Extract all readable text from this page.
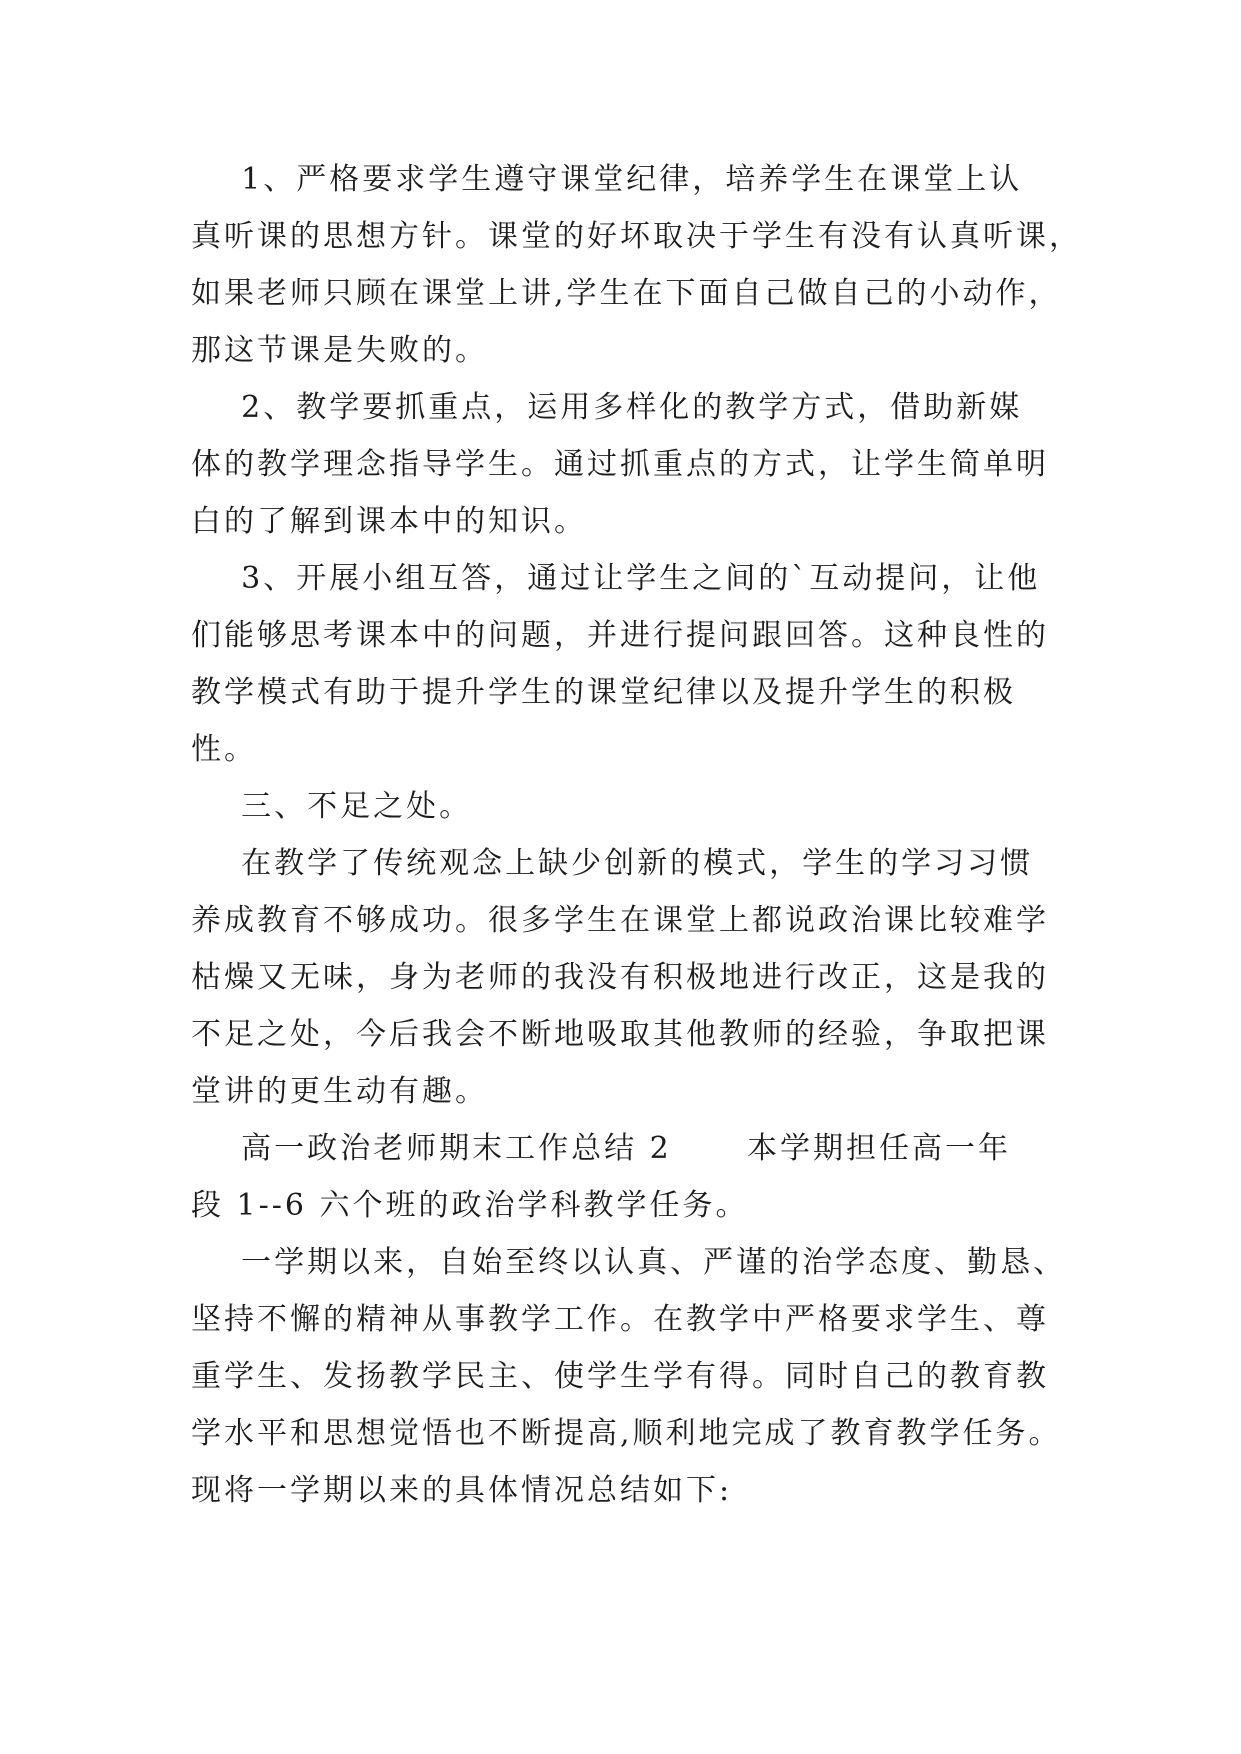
1、严格要求学生遵守课堂纪律，培养学生在课堂上认
真听课的思想方针。课堂的好坏取决于学生有没有认真听课，
如果老师只顾在课堂上讲,学生在下面自己做自己的小动作，
那这节课是失败的。
2、教学要抓重点，运用多样化的教学方式，借助新媒
体的教学理念指导学生。通过抓重点的方式，让学生简单明
白的了解到课本中的知识。
3、开展小组互答，通过让学生之间的`互动提问，让他
们能够思考课本中的问题，并进行提问跟回答。这种良性的
教学模式有助于提升学生的课堂纪律以及提升学生的积极
性。
三、不足之处。
在教学了传统观念上缺少创新的模式，学生的学习习惯
养成教育不够成功。很多学生在课堂上都说政治课比较难学
枯燥又无味，身为老师的我没有积极地进行改正，这是我的
不足之处，今后我会不断地吸取其他教师的经验，争取把课
堂讲的更生动有趣。
高一政治老师期末工作总结 2      本学期担任高一年
段 1--6 六个班的政治学科教学任务。
一学期以来，自始至终以认真、严谨的治学态度、勤恳、
坚持不懈的精神从事教学工作。在教学中严格要求学生、尊
重学生、发扬教学民主、使学生学有得。同时自己的教育教
学水平和思想觉悟也不断提高,顺利地完成了教育教学任务。
现将一学期以来的具体情况总结如下:
